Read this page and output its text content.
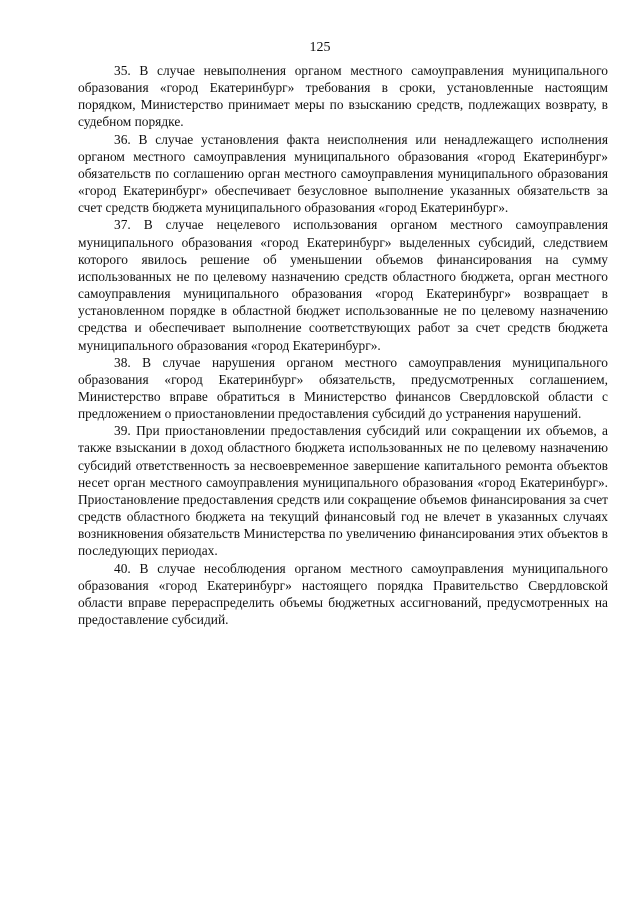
125

35. В случае невыполнения органом местного самоуправления муниципального образования «город Екатеринбург» требования в сроки, установленные настоящим порядком, Министерство принимает меры по взысканию средств, подлежащих возврату, в судебном порядке.

36. В случае установления факта неисполнения или ненадлежащего исполнения органом местного самоуправления муниципального образования «город Екатеринбург» обязательств по соглашению орган местного самоуправления муниципального образования «город Екатеринбург» обеспечивает безусловное выполнение указанных обязательств за счет средств бюджета муниципального образования «город Екатеринбург».

37. В случае нецелевого использования органом местного самоуправления муниципального образования «город Екатеринбург» выделенных субсидий, следствием которого явилось решение об уменьшении объемов финансирования на сумму использованных не по целевому назначению средств областного бюджета, орган местного самоуправления муниципального образования «город Екатеринбург» возвращает в установленном порядке в областной бюджет использованные не по целевому назначению средства и обеспечивает выполнение соответствующих работ за счет средств бюджета муниципального образования «город Екатеринбург».

38. В случае нарушения органом местного самоуправления муниципального образования «город Екатеринбург» обязательств, предусмотренных соглашением, Министерство вправе обратиться в Министерство финансов Свердловской области с предложением о приостановлении предоставления субсидий до устранения нарушений.

39. При приостановлении предоставления субсидий или сокращении их объемов, а также взыскании в доход областного бюджета использованных не по целевому назначению субсидий ответственность за несвоевременное завершение капитального ремонта объектов несет орган местного самоуправления муниципального образования «город Екатеринбург». Приостановление предоставления средств или сокращение объемов финансирования за счет средств областного бюджета на текущий финансовый год не влечет в указанных случаях возникновения обязательств Министерства по увеличению финансирования этих объектов в последующих периодах.

40. В случае несоблюдения органом местного самоуправления муниципального образования «город Екатеринбург» настоящего порядка Правительство Свердловской области вправе перераспределить объемы бюджетных ассигнований, предусмотренных на предоставление субсидий.
